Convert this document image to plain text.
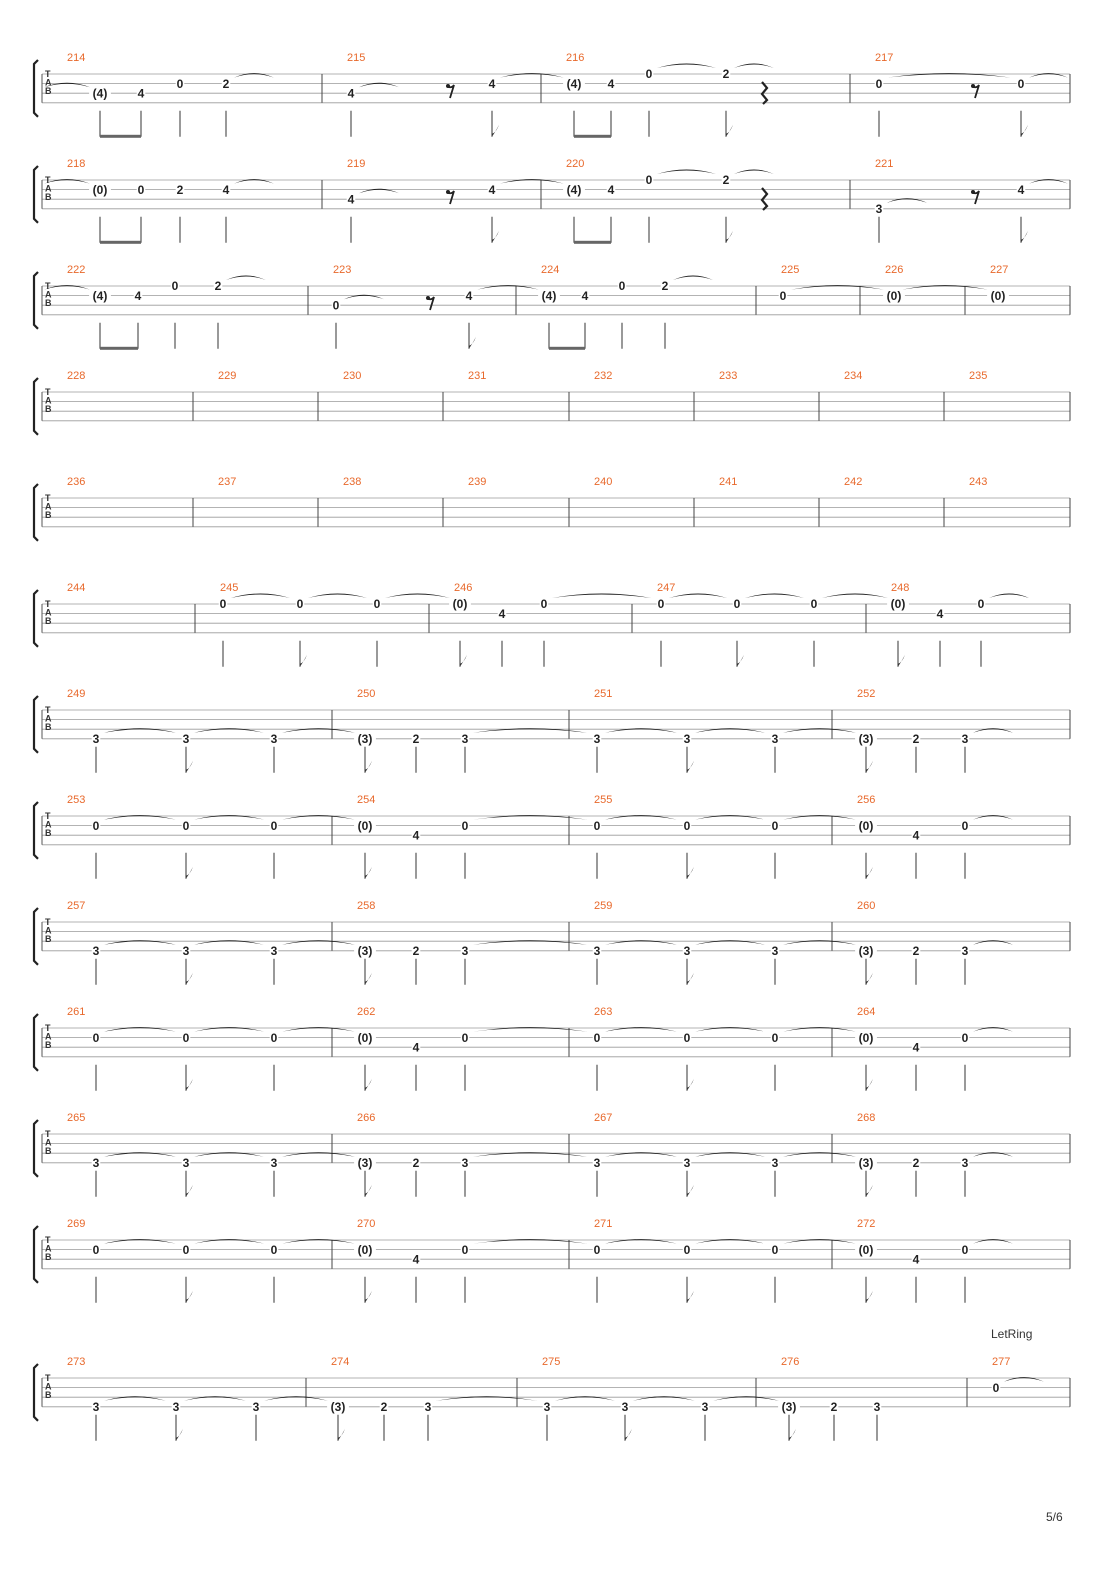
T
A
B
214	215	216	217
(4)	4
0	2
4
4	(4) 4
0	2
0	0
T
A
B
218	219	220	221
(0)	0	2	4
4
4	(4) 4
0	2
3
4
T
A
B
222	223	224	225	226	227
(4) 4
0	2
0
4	(4) 4
0	2
0	(0)	(0)
T
A
B
228	229	230	231	232	233	234	235
T
A
B
236	237	238	239	240	241	242	243
T
A
B
244	245	246	247	248
0	0	0	(0)
4
0	0	0	0	(0)
4
0
T
A
B
249	250	251	252
3	3	3	(3)	2	3	3	3	3	(3)	2	3
T
A
B
253	254	255	256
0	0	0	(0)
4
0	0	0	0	(0)
4
0
T
A
B
257	258	259	260
3	3	3	(3)	2	3	3	3	3	(3)	2	3
T
A
B
261	262	263	264
0	0	0	(0)
4
0	0	0	0	(0)
4
0
T
A
B
265	266	267	268
3	3	3	(3)	2	3	3	3	3	(3)	2	3
T
A
B
269	270	271	272
0	0	0	(0)
4
0	0	0	0	(0)
4
0
T
A
B
273	274	275	276	277
LetRing
3	3	3	(3)	2	3	3	3	3	(3)	2	3
0
5/6
